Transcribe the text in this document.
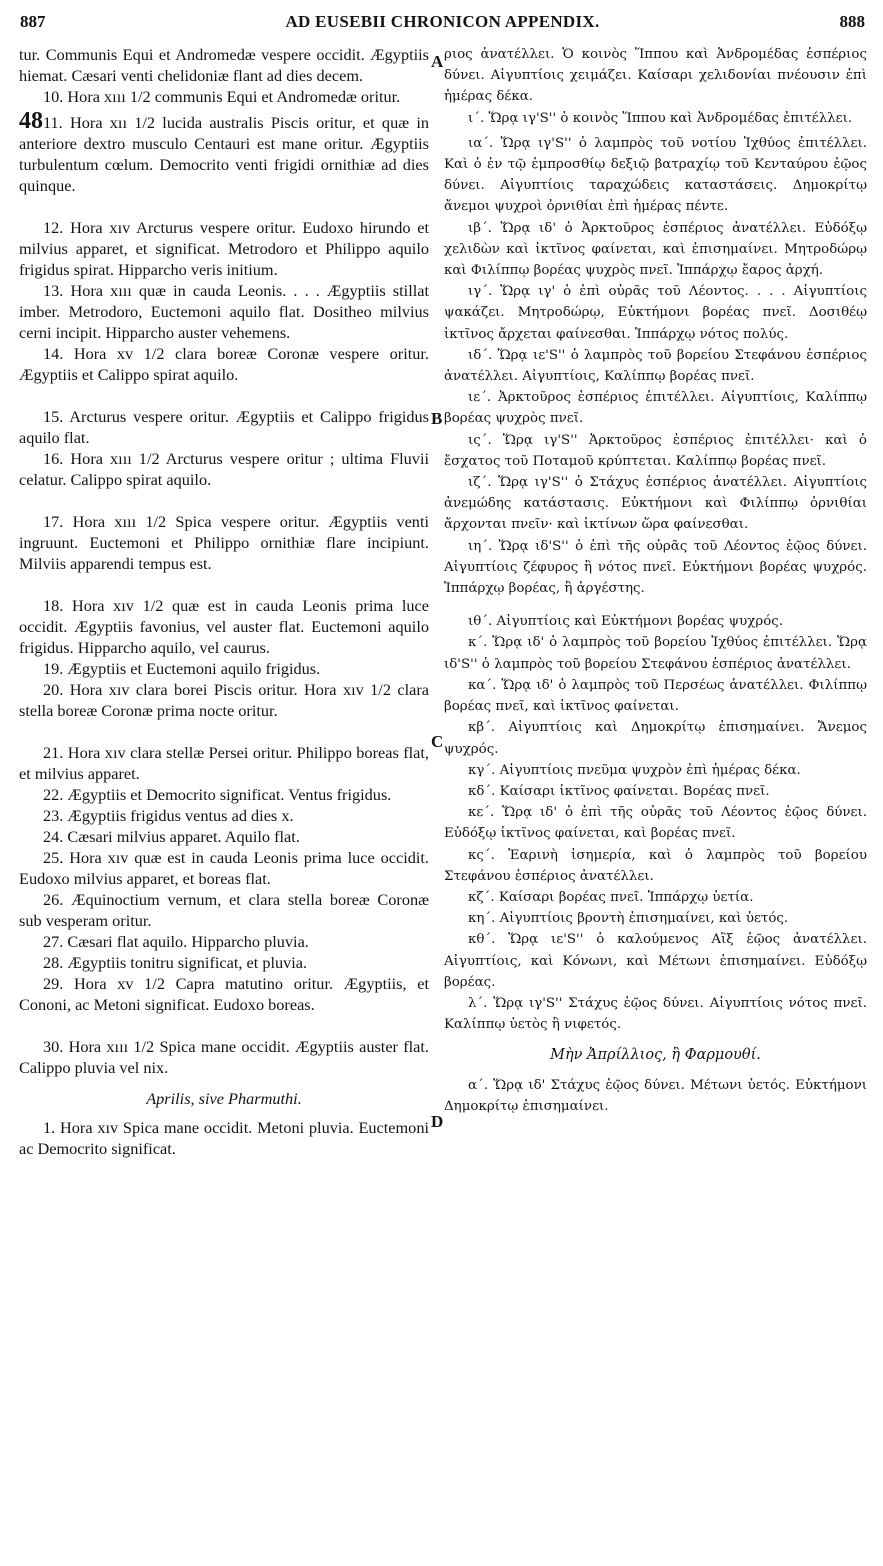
887	AD EUSEBII CHRONICON APPENDIX.	888
A
B
C
D

tur. Communis Equi et Andromedæ vespere occidit. Ægyptiis hiemat. Cæsari venti chelidoniæ flant ad dies decem.

10. Hora xııı 1/2 communis Equi et Andromedæ oritur.

4811. Hora xıı 1/2 lucida australis Piscis oritur, et quæ in anteriore dextro musculo Centauri est mane oritur. Ægyptiis turbulentum cœlum. Democrito venti frigidi ornithiæ ad dies quinque.

12. Hora xıv Arcturus vespere oritur. Eudoxo hirundo et milvius apparet, et significat. Metrodoro et Philippo aquilo frigidus spirat. Hipparcho veris initium.

13. Hora xııı quæ in cauda Leonis. . . . Ægyptiis stillat imber. Metrodoro, Euctemoni aquilo flat. Dositheo milvius cerni incipit. Hipparcho auster vehemens.

14. Hora xv 1/2 clara boreæ Coronæ vespere oritur. Ægyptiis et Calippo spirat aquilo.

15. Arcturus vespere oritur. Ægyptiis et Calippo frigidus aquilo flat.

16. Hora xııı 1/2 Arcturus vespere oritur ; ultima Fluvii celatur. Calippo spirat aquilo.

17. Hora xııı 1/2 Spica vespere oritur. Ægyptiis venti ingruunt. Euctemoni et Philippo ornithiæ flare incipiunt. Milviis apparendi tempus est.

18. Hora xıv 1/2 quæ est in cauda Leonis prima luce occidit. Ægyptiis favonius, vel auster flat. Euctemoni aquilo frigidus. Hipparcho aquilo, vel caurus.

19. Ægyptiis et Euctemoni aquilo frigidus.

20. Hora xıv clara borei Piscis oritur. Hora xıv 1/2 clara stella boreæ Coronæ prima nocte oritur.

21. Hora xıv clara stellæ Persei oritur. Philippo boreas flat, et milvius apparet.

22. Ægyptiis et Democrito significat. Ventus frigidus.

23. Ægyptiis frigidus ventus ad dies x.

24. Cæsari milvius apparet. Aquilo flat.

25. Hora xıv quæ est in cauda Leonis prima luce occidit. Eudoxo milvius apparet, et boreas flat.

26. Æquinoctium vernum, et clara stella boreæ Coronæ sub vesperam oritur.

27. Cæsari flat aquilo. Hipparcho pluvia.

28. Ægyptiis tonitru significat, et pluvia.

29. Hora xv 1/2 Capra matutino oritur. Ægyptiis, et Cononi, ac Metoni significat. Eudoxo boreas.

30. Hora xııı 1/2 Spica mane occidit. Ægyptiis auster flat. Calippo pluvia vel nix.

Aprilis, sive Pharmuthi.

1. Hora xıv Spica mane occidit. Metoni pluvia. Euctemoni ac Democrito significat.

ριος ἀνατέλλει. Ὁ κοινὸς Ἵππου καὶ Ἀνδρομέδας ἑσπέριος δύνει. Αἰγυπτίοις χειμάζει. Καίσαρι χελιδονίαι πνέουσιν ἐπὶ ἡμέρας δέκα.

ι΄. Ὥρᾳ ιγ'S'' ὁ κοινὸς Ἵππου καὶ Ἀνδρομέδας ἐπιτέλλει.

ια΄. Ὥρᾳ ιγ'S'' ὁ λαμπρὸς τοῦ νοτίου Ἰχθύος ἐπιτέλλει. Καὶ ὁ ἐν τῷ ἐμπροσθίῳ δεξιῷ βατραχίῳ τοῦ Κενταύρου ἑῷος δύνει. Αἰγυπτίοις ταραχώδεις καταστάσεις. Δημοκρίτῳ ἄνεμοι ψυχροὶ ὀρνιθίαι ἐπὶ ἡμέρας πέντε.

ιβ΄. Ὥρᾳ ιδ' ὁ Ἀρκτοῦρος ἑσπέριος ἀνατέλλει. Εὐδόξῳ χελιδὼν καὶ ἰκτῖνος φαίνεται, καὶ ἐπισημαίνει. Μητροδώρῳ καὶ Φιλίππῳ βορέας ψυχρὸς πνεῖ. Ἱππάρχῳ ἔαρος ἀρχή.

ιγ΄. Ὥρᾳ ιγ' ὁ ἐπὶ οὐρᾶς τοῦ Λέοντος. . . . Αἰγυπτίοις ψακάζει. Μητροδώρῳ, Εὐκτήμονι βορέας πνεῖ. Δοσιθέῳ ἰκτῖνος ἄρχεται φαίνεσθαι. Ἱππάρχῳ νότος πολύς.

ιδ΄. Ὥρᾳ ιε'S'' ὁ λαμπρὸς τοῦ βορείου Στεφάνου ἑσπέριος ἀνατέλλει. Αἰγυπτίοις, Καλίππῳ βορέας πνεῖ.

ιε΄. Ἀρκτοῦρος ἑσπέριος ἐπιτέλλει. Αἰγυπτίοις, Καλίππῳ βορέας ψυχρὸς πνεῖ.

ις΄. Ὥρᾳ ιγ'S'' Ἀρκτοῦρος ἑσπέριος ἐπιτέλλει· καὶ ὁ ἔσχατος τοῦ Ποταμοῦ κρύπτεται. Καλίππῳ βορέας πνεῖ.

ιζ΄. Ὥρᾳ ιγ'S'' ὁ Στάχυς ἑσπέριος ἀνατέλλει. Αἰγυπτίοις ἀνεμώδης κατάστασις. Εὐκτήμονι καὶ Φιλίππῳ ὀρνιθίαι ἄρχονται πνεῖν· καὶ ἰκτίνων ὥρα φαίνεσθαι.

ιη΄. Ὥρᾳ ιδ'S'' ὁ ἐπὶ τῆς οὐρᾶς τοῦ Λέοντος ἑῷος δύνει. Αἰγυπτίοις ζέφυρος ἢ νότος πνεῖ. Εὐκτήμονι βορέας ψυχρός. Ἱππάρχῳ βορέας, ἢ ἀργέστης.

ιθ΄. Αἰγυπτίοις καὶ Εὐκτήμονι βορέας ψυχρός.

κ΄. Ὥρᾳ ιδ' ὁ λαμπρὸς τοῦ βορείου Ἰχθύος ἐπιτέλλει. Ὥρᾳ ιδ'S'' ὁ λαμπρὸς τοῦ βορείου Στεφάνου ἑσπέριος ἀνατέλλει.

κα΄. Ὥρᾳ ιδ' ὁ λαμπρὸς τοῦ Περσέως ἀνατέλλει. Φιλίππῳ βορέας πνεῖ, καὶ ἰκτῖνος φαίνεται.

κβ΄. Αἰγυπτίοις καὶ Δημοκρίτῳ ἐπισημαίνει. Ἄνεμος ψυχρός.

κγ΄. Αἰγυπτίοις πνεῦμα ψυχρὸν ἐπὶ ἡμέρας δέκα.

κδ΄. Καίσαρι ἰκτῖνος φαίνεται. Βορέας πνεῖ.

κε΄. Ὥρᾳ ιδ' ὁ ἐπὶ τῆς οὐρᾶς τοῦ Λέοντος ἑῷος δύνει. Εὐδόξῳ ἰκτῖνος φαίνεται, καὶ βορέας πνεῖ.

κς΄. Ἐαρινὴ ἰσημερία, καὶ ὁ λαμπρὸς τοῦ βορείου Στεφάνου ἑσπέριος ἀνατέλλει.

κζ΄. Καίσαρι βορέας πνεῖ. Ἱππάρχῳ ὑετία.

κη΄. Αἰγυπτίοις βροντὴ ἐπισημαίνει, καὶ ὑετός.

κθ΄. Ὥρᾳ ιε'S'' ὁ καλούμενος Αἲξ ἑῷος ἀνατέλλει. Αἰγυπτίοις, καὶ Κόνωνι, καὶ Μέτωνι ἐπισημαίνει. Εὐδόξῳ βορέας.

λ΄. Ὥρᾳ ιγ'S'' Στάχυς ἑῷος δύνει. Αἰγυπτίοις νότος πνεῖ. Καλίππῳ ὑετὸς ἢ νιφετός.

Μὴν Ἀπρίλλιος, ἢ Φαρμουθί.

α΄. Ὥρᾳ ιδ' Στάχυς ἑῷος δύνει. Μέτωνι ὑετός. Εὐκτήμονι Δημοκρίτῳ ἐπισημαίνει.
